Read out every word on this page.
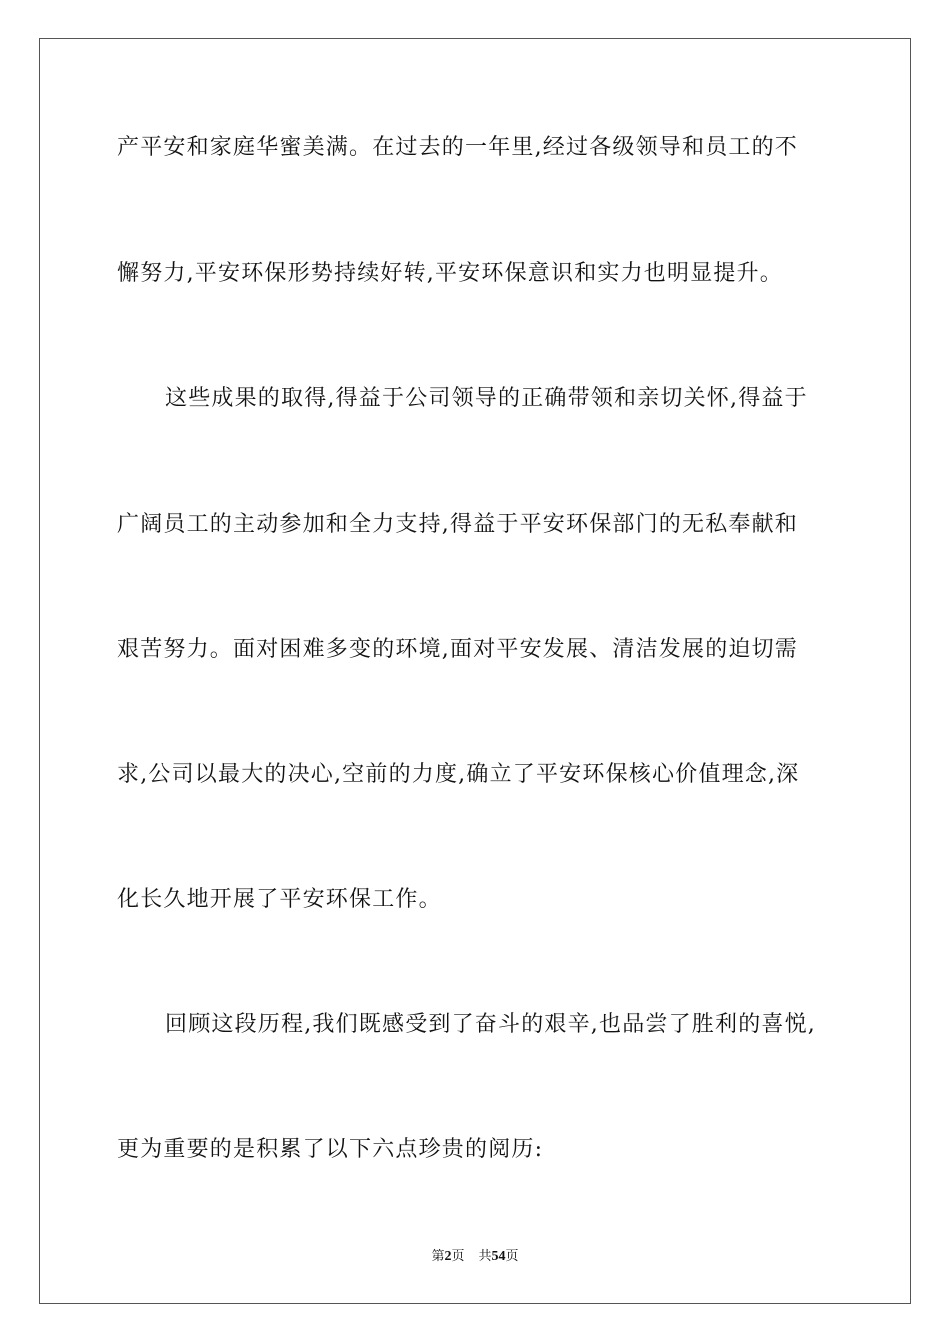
产平安和家庭华蜜美满。在过去的一年里,经过各级领导和员工的不
懈努力,平安环保形势持续好转,平安环保意识和实力也明显提升。
这些成果的取得,得益于公司领导的正确带领和亲切关怀,得益于
广阔员工的主动参加和全力支持,得益于平安环保部门的无私奉献和
艰苦努力。面对困难多变的环境,面对平安发展、清洁发展的迫切需
求,公司以最大的决心,空前的力度,确立了平安环保核心价值理念,深
化长久地开展了平安环保工作。
回顾这段历程,我们既感受到了奋斗的艰辛,也品尝了胜利的喜悦,
更为重要的是积累了以下六点珍贵的阅历:
第2页 共54页
